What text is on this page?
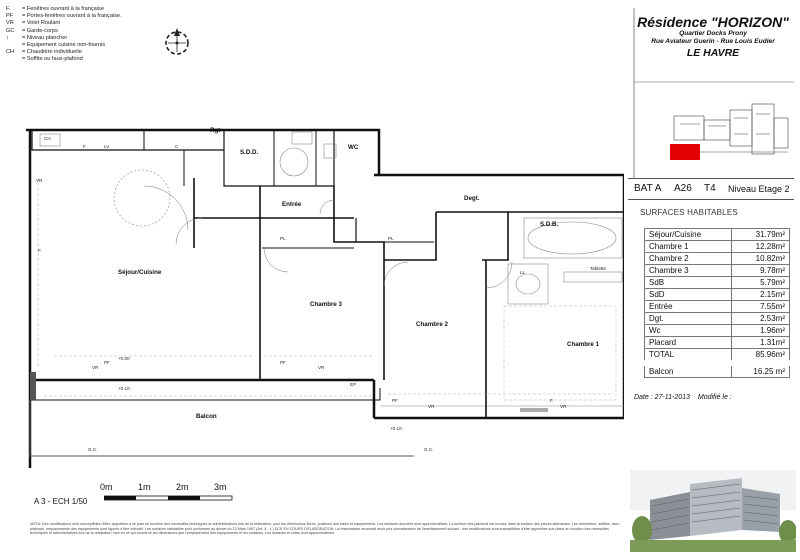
F.	= Fenêtres ouvrant à la française
PF	= Portes-fenêtres ouvrant à la française.
VR	= Volet Roulant
GC	= Garde-corps
↕	= Niveau plancher
= Equipement cuisine non-fournis
CH	= Chaudière individuelle
= Soffite ou faux-plafond
Résidence "HORIZON"
Quartier Docks Prony
Rue Aviateur Guerin - Rue Louis Eudier
LE HAVRE
BAT A A26 T4 Niveau Etage 2
SURFACES HABITABLES
Séjour/Cuisine	31.79m²
Chambre 1	12.28m²
Chambre 2	10.82m²
Chambre 3	9.78m²
SdB	5.79m²
SdD	2.15m²
Entrée	7.55m²
Dgt.	2.53m²
Wc	1.96m²
Placard	1.31m²
TOTAL	85.96m²
Balcon	16.25 m²
Date : 27-11-2013 Modifié le :
0m	1m	2m	3m
A 3 - ECH 1/50
NOTA: Des modifications sont susceptibles d'être apportées à ce plan en fonction des nécessités techniques et administratives lors de la réalisation, pour les dimensions libres, positions des baies et équipements. Les surfaces données sont approximatives. La surface des placards est incluse dans la surface des pièces attenantes. Les retombées, soffites, faux-plafonds, emplacements des équipements sont figurés à titre indicatif. Les surfaces habitables sont conformes au décret du 23 Mars 1997 (Art. 4 - 1 ) DCE EN COURS D'ELABORATION. La réservataire reconnait avoir pris connaissance de l'avertissement suivant : des modifications sont susceptibles d'être apportées aux plans en fonction des nécessités techniques et administratives lors de la réalisation, tant en ce qui concerne les dimensions que l'emplacement des équipements et les surfaces. Les surfaces et côtes sont approximatives.
Séjour/Cuisine
Chambre 1
Chambre 2
Chambre 3
S.D.D.
S.D.B.
WC
Entrée
Degt.
Balcon
Rgt
CH
F	LV	C
VR
F.
PF
VR
PF
VR
PL	PL
PF
VR
F.
VR
G.C.	G.C.
EP
LL
Tablette
+0.00
+0.10
+0.10
